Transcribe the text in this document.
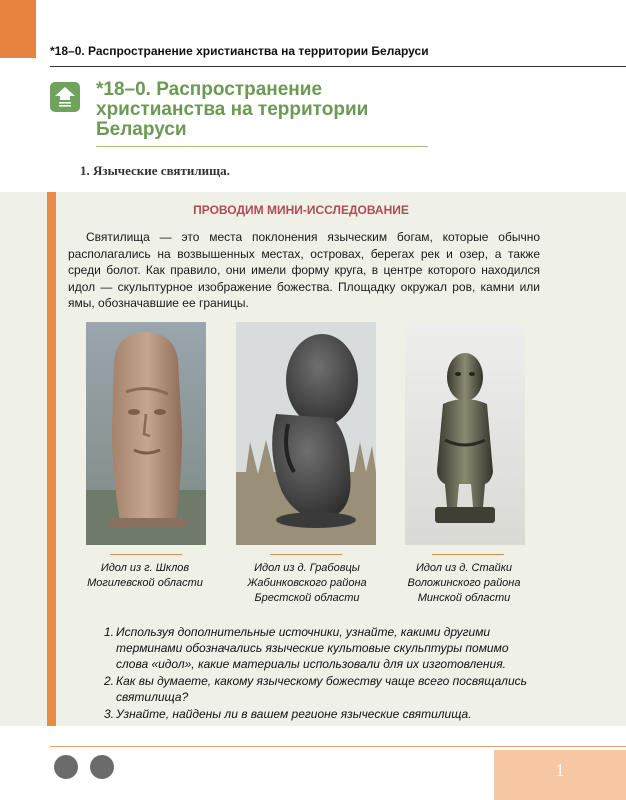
*18–0. Распространение христианства на территории Беларуси
*18–0. Распространение христианства на территории Беларуси
1. Языческие святилища.
ПРОВОДИМ МИНИ-ИССЛЕДОВАНИЕ

Святилища — это места поклонения языческим богам, которые обычно располагались на возвышенных местах, островах, берегах рек и озер, а также среди болот. Как правило, они имели форму круга, в центре которого находился идол — скульптурное изображение божества. Площадку окружал ров, камни или ямы, обозначавшие ее границы.

Идол из г. Шклов
Могилевской области
Идол из д. Грабовцы
Жабинковского района
Брестской области
Идол из д. Стайки
Воложинского района
Минской области
1. Используя дополнительные источники, узнайте, какими другими терминами обозначались языческие культовые скульптуры помимо слова «идол», какие материалы использовали для их изготовления.
2. Как вы думаете, какому языческому божеству чаще всего посвящались святилища?
3. Узнайте, найдены ли в вашем регионе языческие святилища.
1
